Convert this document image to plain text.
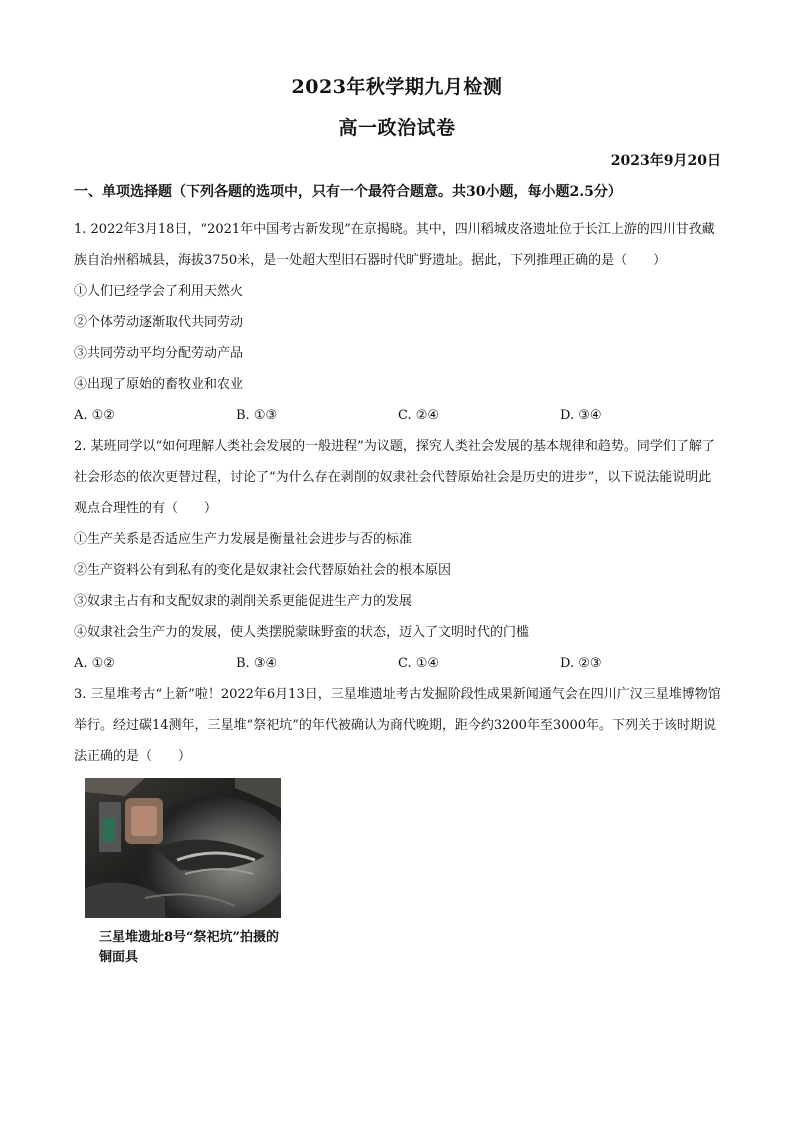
2023年秋学期九月检测
高一政治试卷
2023年9月20日
一、单项选择题（下列各题的选项中，只有一个最符合题意。共30小题，每小题2.5分）

1. 2022年3月18日，“2021年中国考古新发现”在京揭晓。其中，四川稻城皮洛遗址位于长江上游的四川甘孜藏族自治州稻城县，海拔3750米，是一处超大型旧石器时代旷野遗址。据此，下列推理正确的是（　　）

①人们已经学会了利用天然火

②个体劳动逐渐取代共同劳动

③共同劳动平均分配劳动产品

④出现了原始的畜牧业和农业

A. ①②	B. ①③	C. ②④	D. ③④

2. 某班同学以“如何理解人类社会发展的一般进程”为议题，探究人类社会发展的基本规律和趋势。同学们了解了社会形态的依次更替过程，讨论了“为什么存在剥削的奴隶社会代替原始社会是历史的进步”，以下说法能说明此观点合理性的有（　　）

①生产关系是否适应生产力发展是衡量社会进步与否的标准

②生产资料公有到私有的变化是奴隶社会代替原始社会的根本原因

③奴隶主占有和支配奴隶的剥削关系更能促进生产力的发展

④奴隶社会生产力的发展，使人类摆脱蒙昧野蛮的状态，迈入了文明时代的门槛

A. ①②	B. ③④	C. ①④	D. ②③

3. 三星堆考古“上新”啦！2022年6月13日，三星堆遗址考古发掘阶段性成果新闻通气会在四川广汉三星堆博物馆举行。经过碳14测年，三星堆“祭祀坑”的年代被确认为商代晚期，距今约3200年至3000年。下列关于该时期说法正确的是（　　）

三星堆遗址8号“祭祀坑”拍摄的铜面具
